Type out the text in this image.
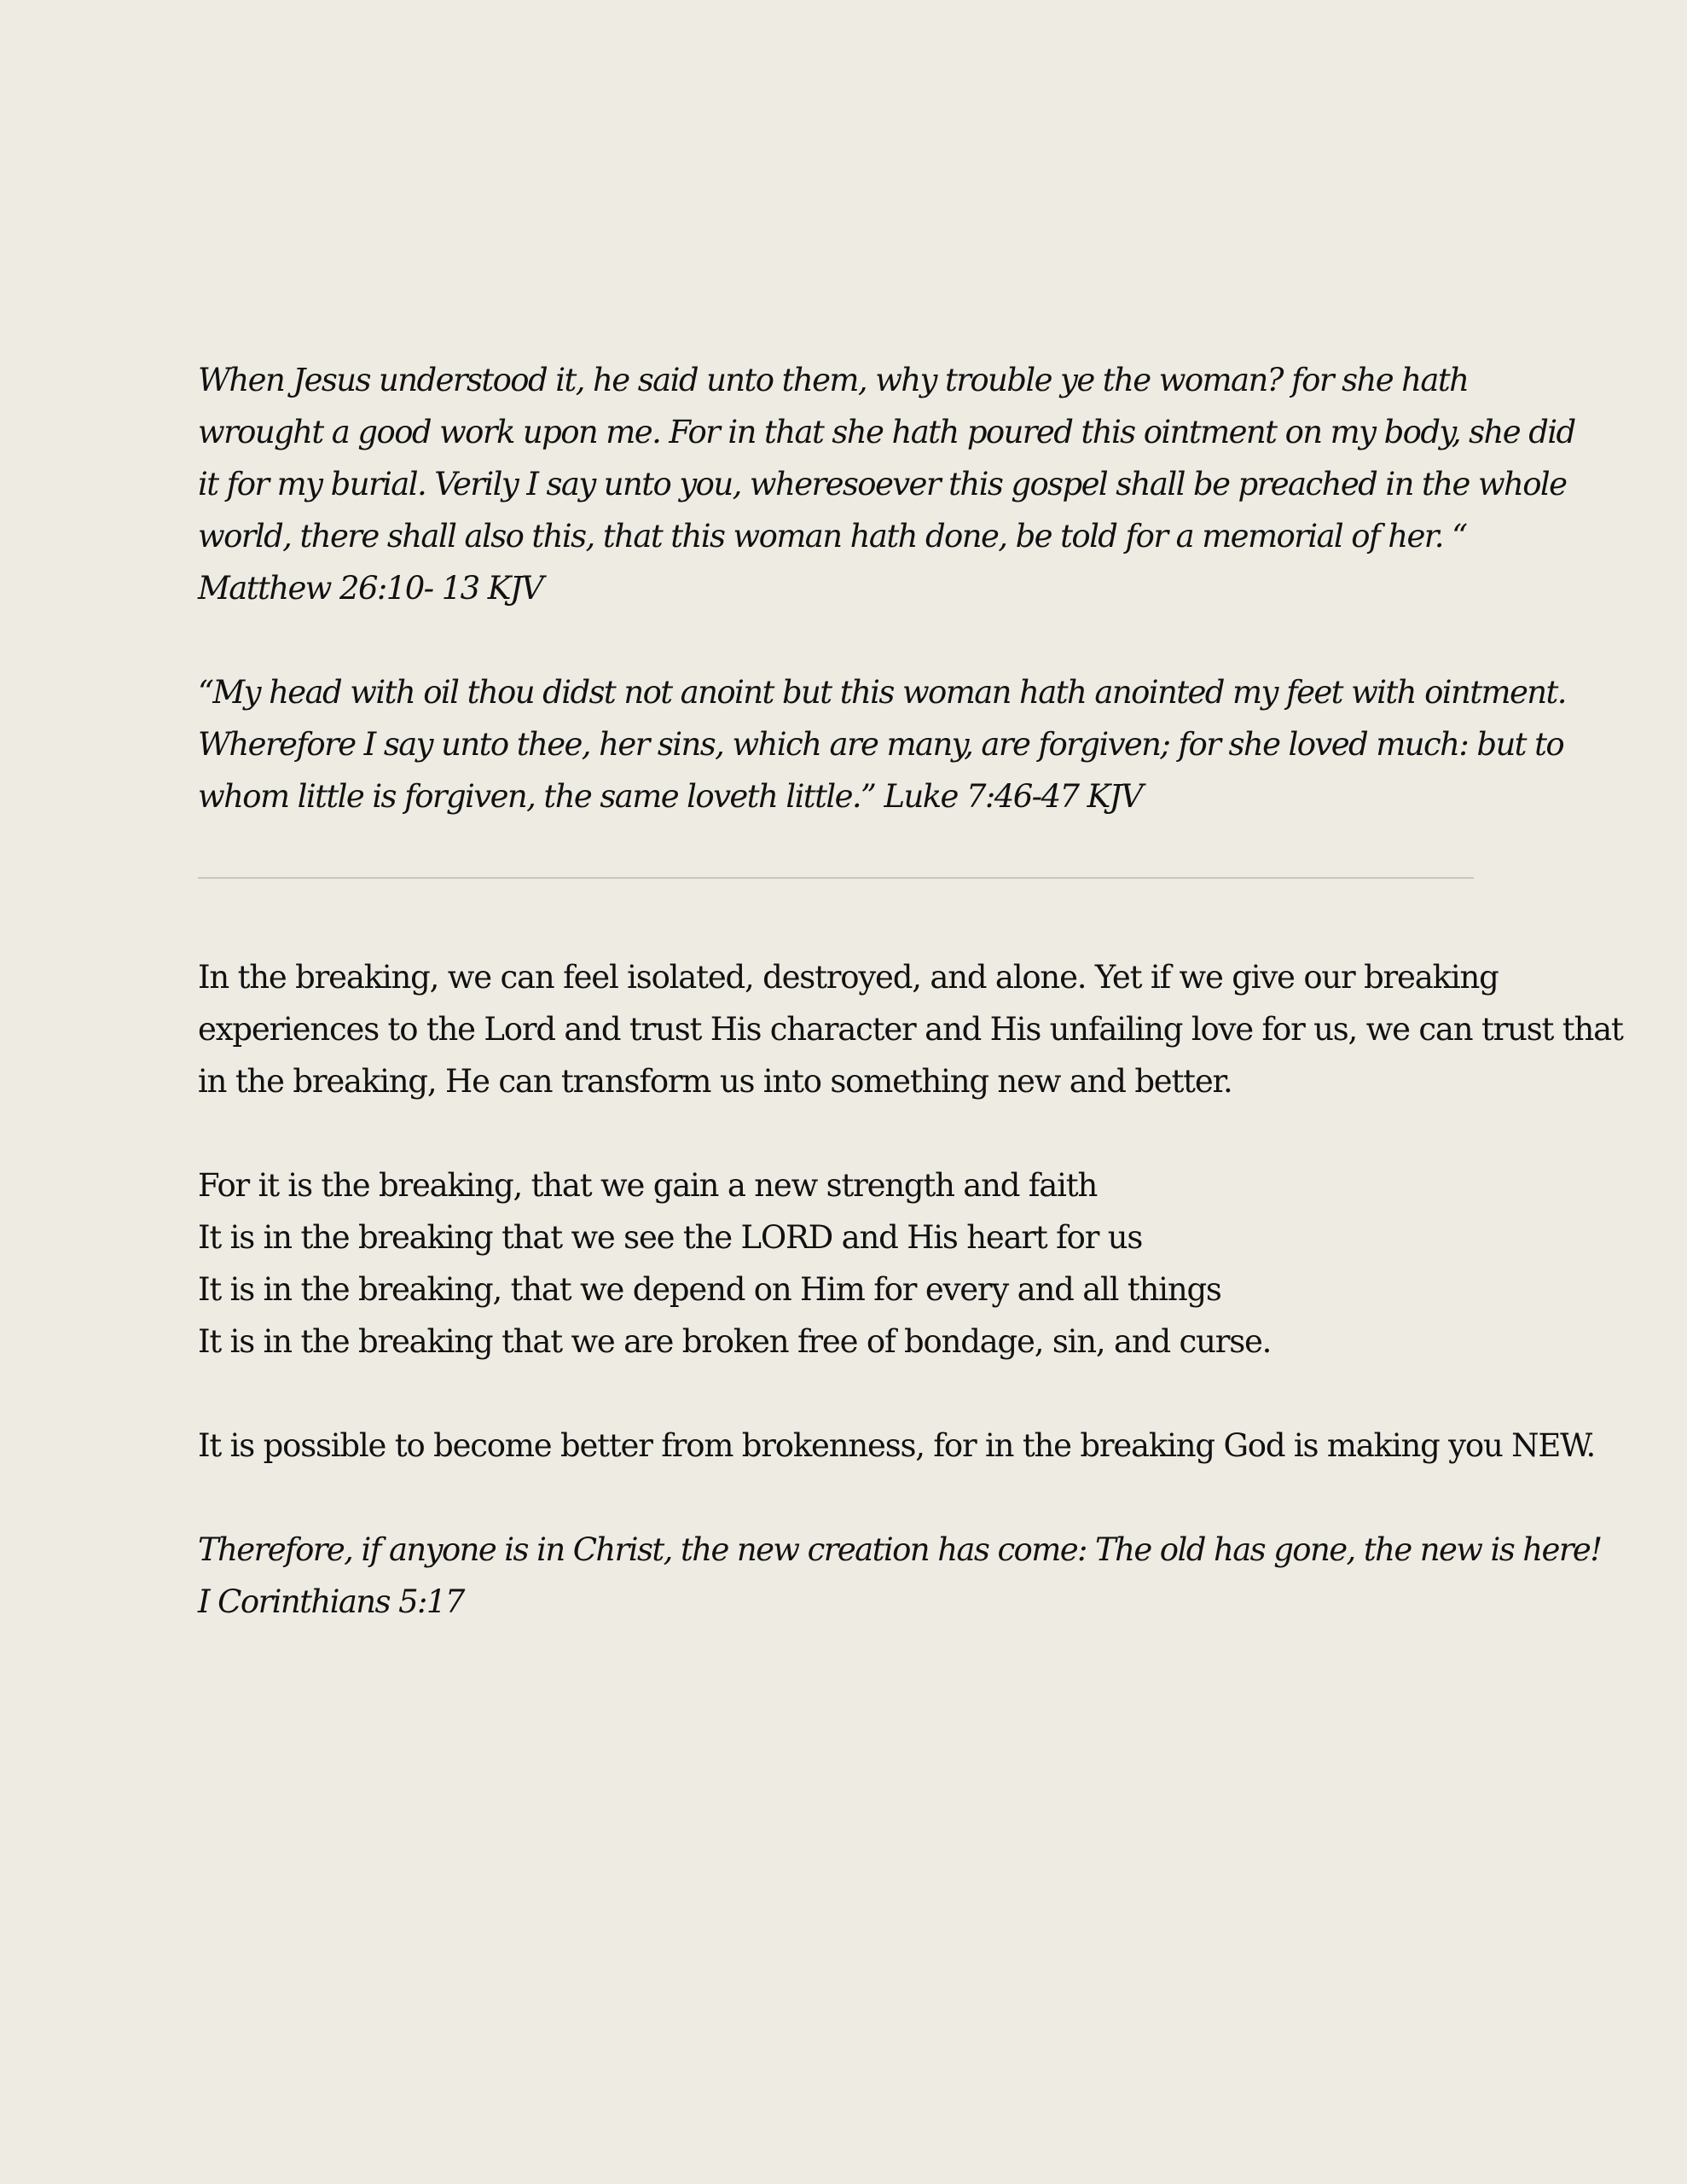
When Jesus understood it, he said unto them, why trouble ye the woman? for she hath
wrought a good work upon me. For in that she hath poured this ointment on my body, she did
it for my burial. Verily I say unto you, wheresoever this gospel shall be preached in the whole
world, there shall also this, that this woman hath done, be told for a memorial of her. “
Matthew 26:10- 13 KJV
“My head with oil thou didst not anoint but this woman hath anointed my feet with ointment.
Wherefore I say unto thee, her sins, which are many, are forgiven; for she loved much: but to
whom little is forgiven, the same loveth little.” Luke 7:46-47 KJV
In the breaking, we can feel isolated, destroyed, and alone. Yet if we give our breaking
experiences to the Lord and trust His character and His unfailing love for us, we can trust that
in the breaking, He can transform us into something new and better.
For it is the breaking, that we gain a new strength and faith
It is in the breaking that we see the LORD and His heart for us
It is in the breaking, that we depend on Him for every and all things
It is in the breaking that we are broken free of bondage, sin, and curse.
It is possible to become better from brokenness, for in the breaking God is making you NEW.
Therefore, if anyone is in Christ, the new creation has come: The old has gone, the new is here!
I Corinthians 5:17
